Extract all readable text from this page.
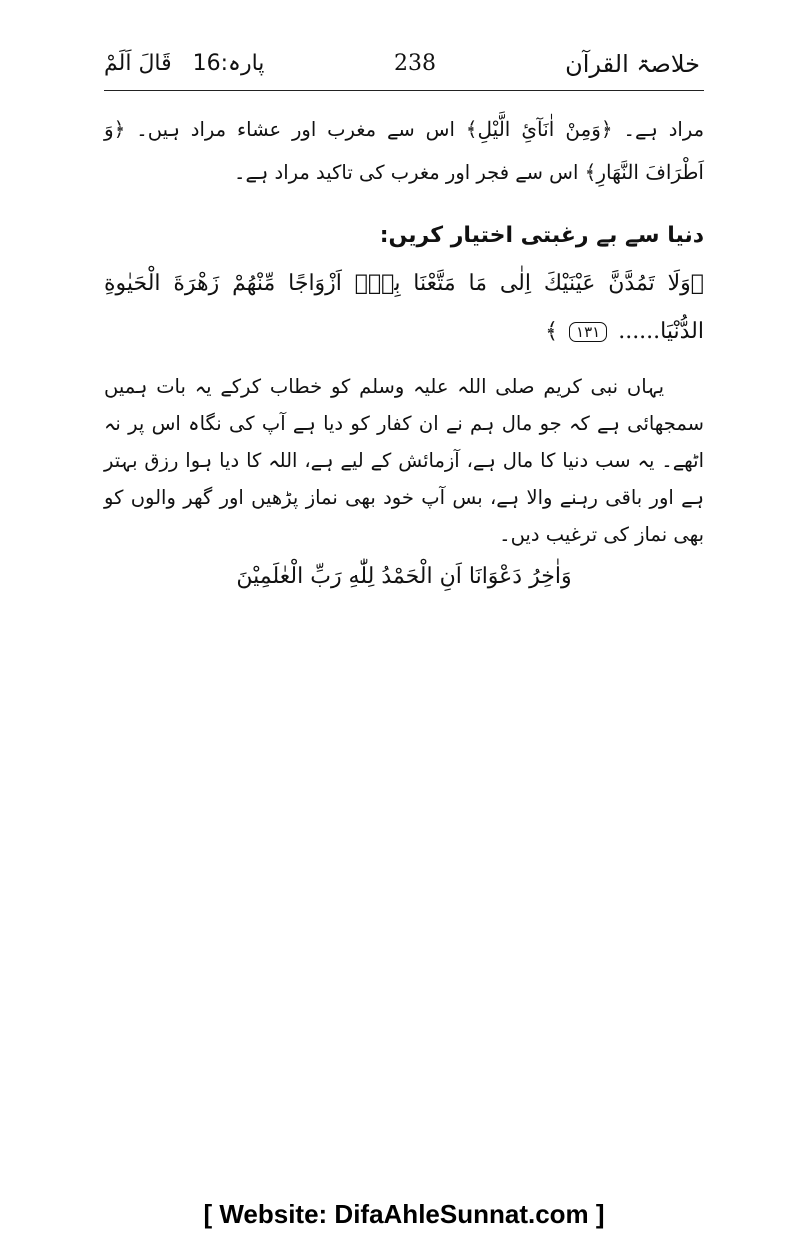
خلاصۃ القرآن
238
پارہ:16   قَالَ اَلَمْ

مراد ہے۔ ﴿وَمِنْ اٰنَآئِ الَّيْلِ﴾ اس سے مغرب اور عشاء مراد ہیں۔ ﴿وَ اَطْرَافَ النَّهَارِ﴾ اس سے فجر اور مغرب کی تاکید مراد ہے۔

دنیا سے بے رغبتی اختیار کریں:

﴿وَلَا تَمُدَّنَّ عَيْنَيْكَ اِلٰى مَا مَتَّعْنَا بِهٖٓ اَزْوَاجًا مِّنْهُمْ زَهْرَةَ الْحَيٰوةِ الدُّنْيَا...... ١٣١ ﴾

یہاں نبی کریم صلی اللہ علیہ وسلم کو خطاب کرکے یہ بات ہمیں سمجھائی ہے کہ جو مال ہم نے ان کفار کو دیا ہے آپ کی نگاہ اس پر نہ اٹھے۔ یہ سب دنیا کا مال ہے، آزمائش کے لیے ہے، اللہ کا دیا ہوا رزق بہتر ہے اور باقی رہنے والا ہے، بس آپ خود بھی نماز پڑھیں اور گھر والوں کو بھی نماز کی ترغیب دیں۔

وَاٰخِرُ دَعْوَانَا اَنِ الْحَمْدُ لِلّٰهِ رَبِّ الْعٰلَمِيْنَ

[ Website: DifaAhleSunnat.com ]
